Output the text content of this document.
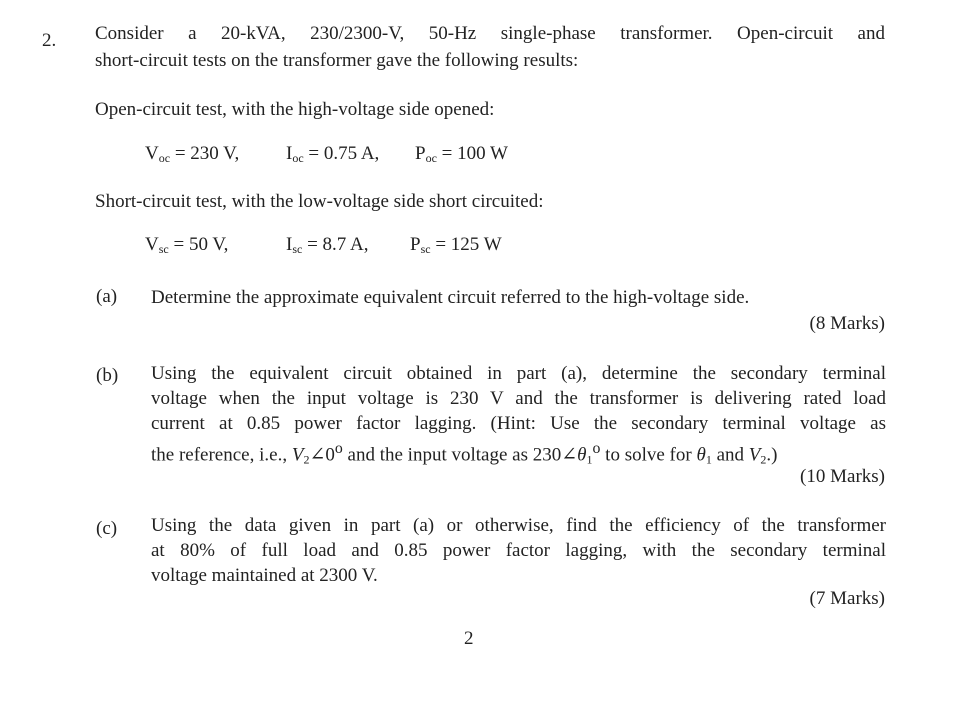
2. Consider a 20-kVA, 230/2300-V, 50-Hz single-phase transformer. Open-circuit and
short-circuit tests on the transformer gave the following results:
Open-circuit test, with the high-voltage side opened:
$V_{oc} = 230$ V, $I_{oc} = 0.75$ A, $P_{oc} = 100$ W
Short-circuit test, with the low-voltage side short circuited:
$V_{sc} = 50$ V,	$I_{sc} = 8.7$ A, $P_{sc} = 125$ W
(a) Determine the approximate equivalent circuit referred to the high-voltage side.
(8 Marks)
(b) Using the equivalent circuit obtained in part (a), determine the secondary terminal
voltage when the input voltage is 230 V and the transformer is delivering rated load
current at 0.85 power factor lagging. (Hint: Use the secondary terminal voltage as
the reference, i.e., $V_2\angle 0^o$ and the input voltage as $230\angle\theta_1^o$ to solve for $\theta_1$ and $V_2$.)
(10 Marks)
(c) Using the data given in part (a) or otherwise, find the efficiency of the transformer
at 80% of full load and 0.85 power factor lagging, with the secondary terminal
voltage maintained at 2300 V.
(7 Marks)
2
